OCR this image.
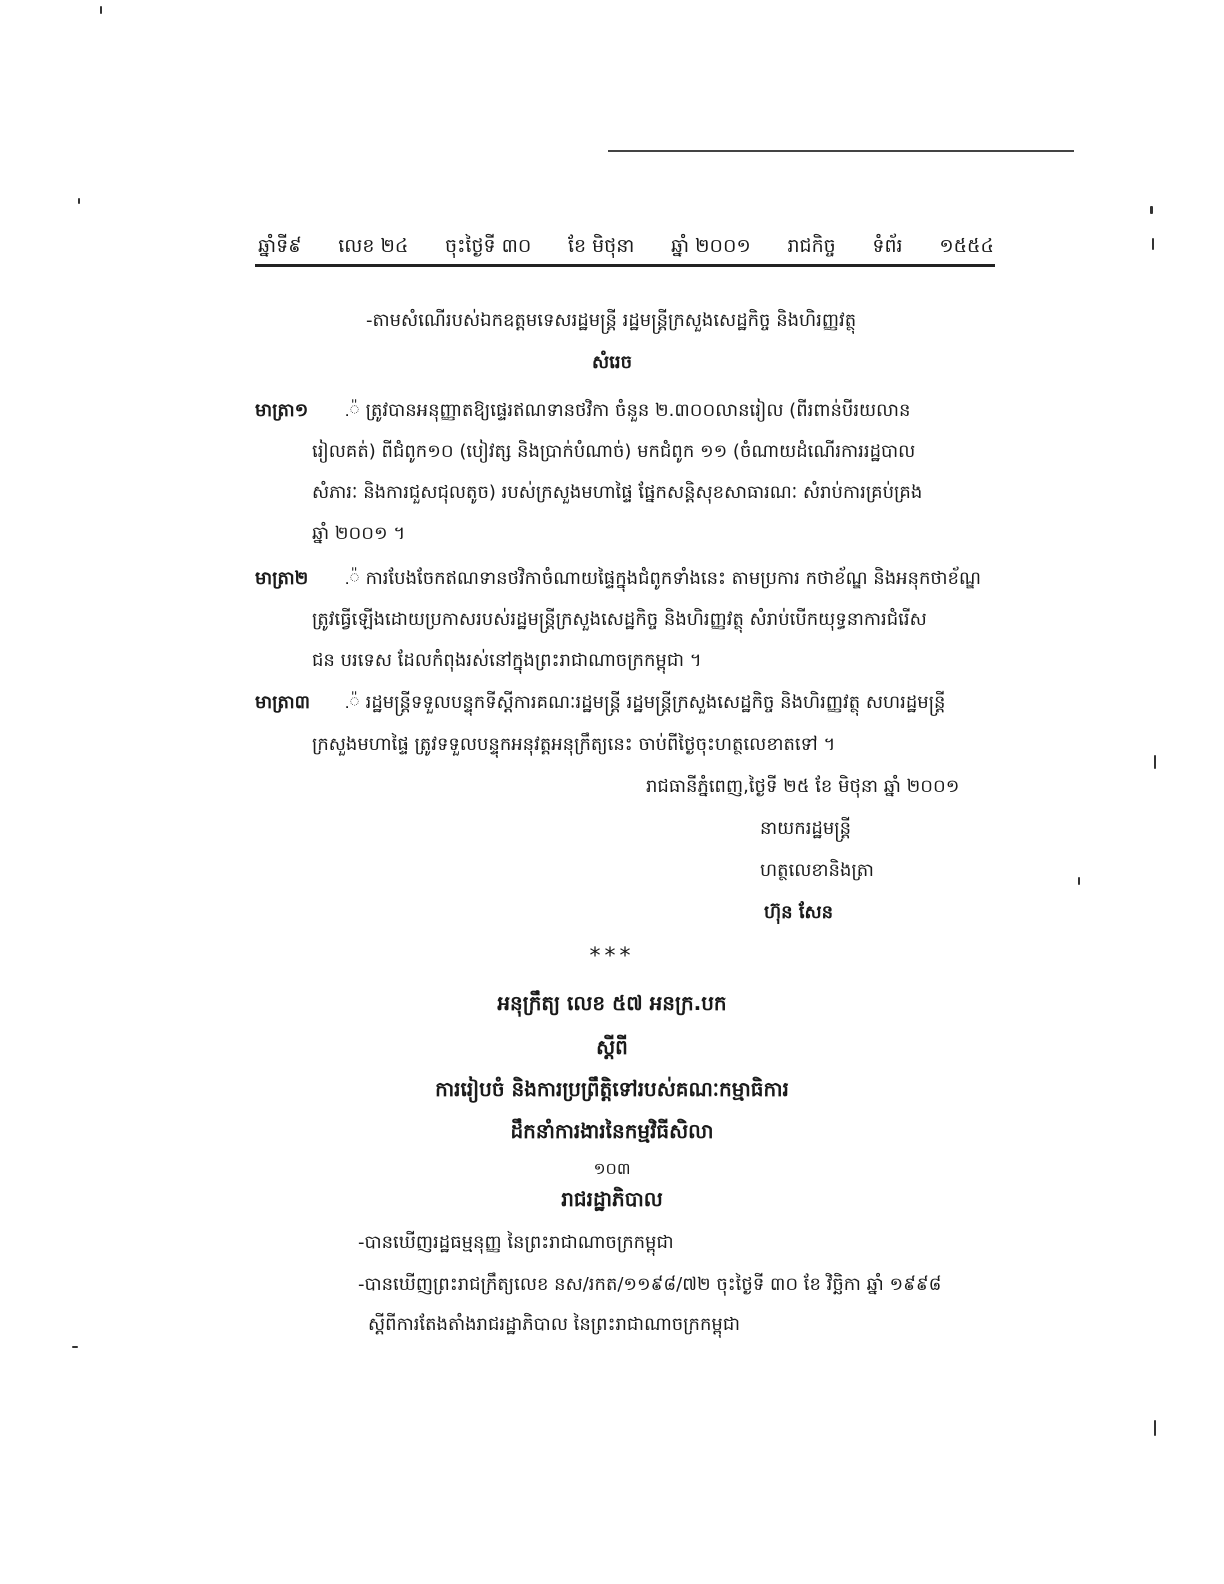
ឆ្នាំទី៩ លេខ ២៤ ចុះថ្ងៃទី ៣០ ខែ មិថុនា ឆ្នាំ ២០០១ រាជកិច្ច ទំព័រ ១៥៥៤
-តាមសំណើរបស់ឯកឧត្តមទេសរដ្ឋមន្ត្រី រដ្ឋមន្ត្រីក្រសួងសេដ្ឋកិច្ច និងហិរញ្ញវត្ថុ
សំរេច
មាត្រា១ .៉ ត្រូវបានអនុញ្ញាតឱ្យផ្ទេរឥណទានថវិកា ចំនួន ២.៣០០លានរៀល (ពីរពាន់បីរយលាន
រៀលគត់) ពីជំពូក១០ (បៀវត្ស និងប្រាក់បំណាច់) មកជំពូក ១១ (ចំណាយដំណើរការរដ្ឋបាល
សំភារៈ និងការជួសជុលតូច) របស់ក្រសួងមហាផ្ទៃ ផ្នែកសន្តិសុខសាធារណៈ សំរាប់ការគ្រប់គ្រង
ឆ្នាំ ២០០១ ។
មាត្រា២ .៉ ការបែងចែកឥណទានថវិកាចំណាយផ្ទៃក្នុងជំពូកទាំងនេះ តាមប្រការ កថាខ័ណ្ឌ និងអនុកថាខ័ណ្ឌ
ត្រូវធ្វើឡើងដោយប្រកាសរបស់រដ្ឋមន្ត្រីក្រសួងសេដ្ឋកិច្ច និងហិរញ្ញវត្ថុ សំរាប់បើកយុទ្ធនាការជំរើស
ជន បរទេស ដែលកំពុងរស់នៅក្នុងព្រះរាជាណាចក្រកម្ពុជា ។
មាត្រា៣ .៉ រដ្ឋមន្ត្រីទទួលបន្ទុកទីស្តីការគណៈរដ្ឋមន្ត្រី រដ្ឋមន្ត្រីក្រសួងសេដ្ឋកិច្ច និងហិរញ្ញវត្ថុ សហរដ្ឋមន្ត្រី
ក្រសួងមហាផ្ទៃ ត្រូវទទួលបន្ទុកអនុវត្តអនុក្រឹត្យនេះ ចាប់ពីថ្ងៃចុះហត្ថលេខាតទៅ ។
រាជធានីភ្នំពេញ,ថ្ងៃទី ២៥ ខែ មិថុនា ឆ្នាំ ២០០១
នាយករដ្ឋមន្ត្រី
ហត្ថលេខានិងត្រា
ហ៊ុន សែន
***
អនុក្រឹត្យ លេខ ៥៧ អនក្រ.បក
ស្តីពី
ការរៀបចំ និងការប្រព្រឹត្តិទៅរបស់គណៈកម្មាធិការ
ដឹកនាំការងារនៃកម្មវិធីសិលា
១០៣
រាជរដ្ឋាភិបាល
-បានឃើញរដ្ឋធម្មនុញ្ញ នៃព្រះរាជាណាចក្រកម្ពុជា
-បានឃើញព្រះរាជក្រឹត្យលេខ នស/រកត/១១៩៨/៧២ ចុះថ្ងៃទី ៣០ ខែ វិច្ឆិកា ឆ្នាំ ១៩៩៨
ស្តីពីការតែងតាំងរាជរដ្ឋាភិបាល នៃព្រះរាជាណាចក្រកម្ពុជា
